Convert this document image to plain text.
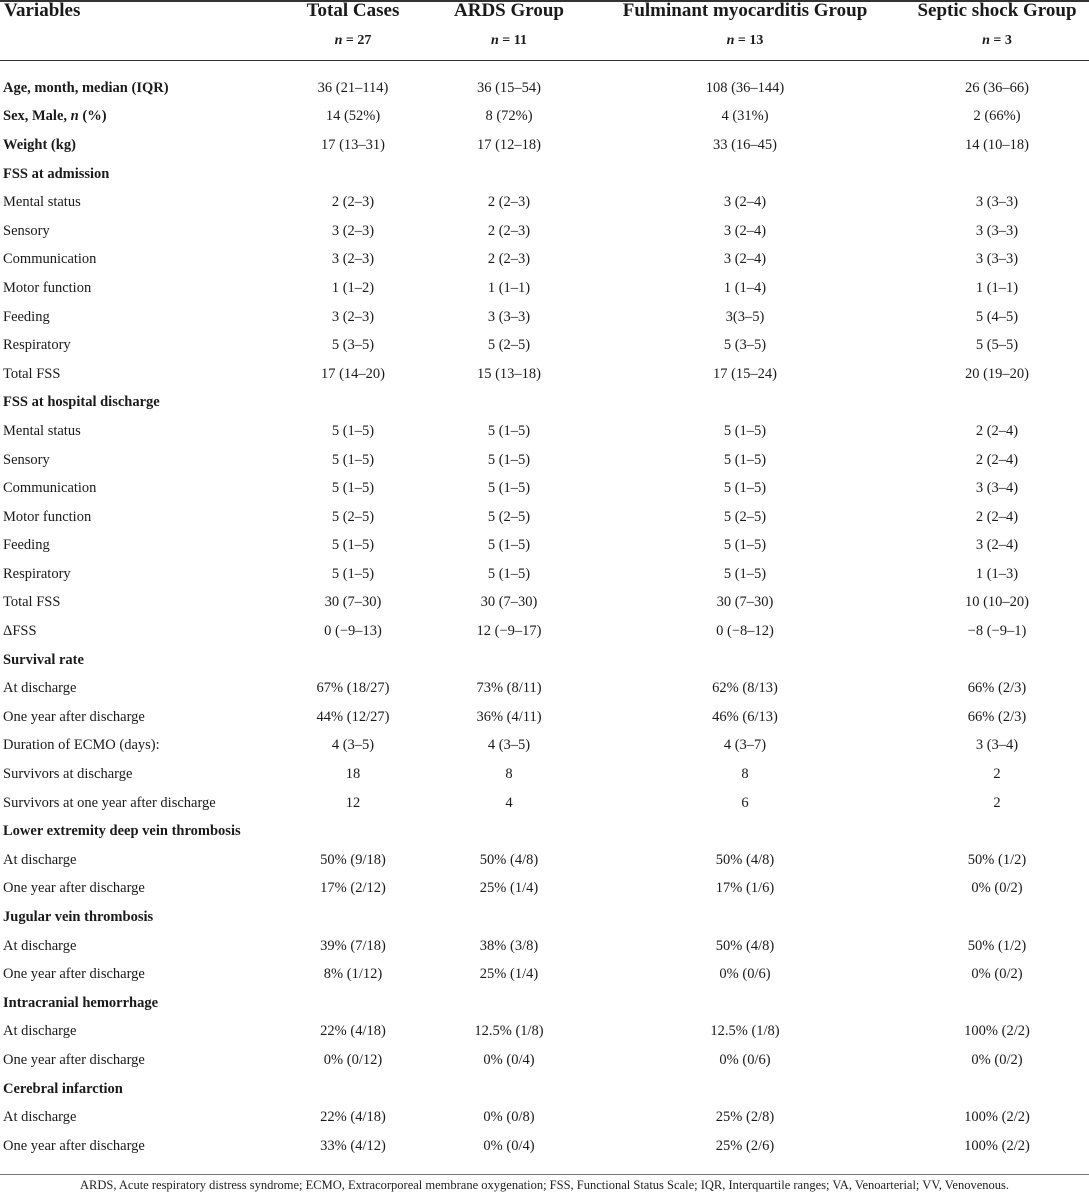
Variables	Total Cases	ARDS Group	Fulminant myocarditis Group	Septic shock Group
	n = 27	n = 11	n = 13	n = 3

Age, month, median (IQR)	36 (21–114)	36 (15–54)	108 (36–144)	26 (36–66)
Sex, Male, n (%)	14 (52%)	8 (72%)	4 (31%)	2 (66%)
Weight (kg)	17 (13–31)	17 (12–18)	33 (16–45)	14 (10–18)
FSS at admission				
Mental status	2 (2–3)	2 (2–3)	3 (2–4)	3 (3–3)
Sensory	3 (2–3)	2 (2–3)	3 (2–4)	3 (3–3)
Communication	3 (2–3)	2 (2–3)	3 (2–4)	3 (3–3)
Motor function	1 (1–2)	1 (1–1)	1 (1–4)	1 (1–1)
Feeding	3 (2–3)	3 (3–3)	3(3–5)	5 (4–5)
Respiratory	5 (3–5)	5 (2–5)	5 (3–5)	5 (5–5)
Total FSS	17 (14–20)	15 (13–18)	17 (15–24)	20 (19–20)
FSS at hospital discharge				
Mental status	5 (1–5)	5 (1–5)	5 (1–5)	2 (2–4)
Sensory	5 (1–5)	5 (1–5)	5 (1–5)	2 (2–4)
Communication	5 (1–5)	5 (1–5)	5 (1–5)	3 (3–4)
Motor function	5 (2–5)	5 (2–5)	5 (2–5)	2 (2–4)
Feeding	5 (1–5)	5 (1–5)	5 (1–5)	3 (2–4)
Respiratory	5 (1–5)	5 (1–5)	5 (1–5)	1 (1–3)
Total FSS	30 (7–30)	30 (7–30)	30 (7–30)	10 (10–20)
ΔFSS	0 (−9–13)	12 (−9–17)	0 (−8–12)	−8 (−9–1)
Survival rate				
At discharge	67% (18/27)	73% (8/11)	62% (8/13)	66% (2/3)
One year after discharge	44% (12/27)	36% (4/11)	46% (6/13)	66% (2/3)
Duration of ECMO (days):	4 (3–5)	4 (3–5)	4 (3–7)	3 (3–4)
Survivors at discharge	18	8	8	2
Survivors at one year after discharge	12	4	6	2
Lower extremity deep vein thrombosis				
At discharge	50% (9/18)	50% (4/8)	50% (4/8)	50% (1/2)
One year after discharge	17% (2/12)	25% (1/4)	17% (1/6)	0% (0/2)
Jugular vein thrombosis				
At discharge	39% (7/18)	38% (3/8)	50% (4/8)	50% (1/2)
One year after discharge	8% (1/12)	25% (1/4)	0% (0/6)	0% (0/2)
Intracranial hemorrhage				
At discharge	22% (4/18)	12.5% (1/8)	12.5% (1/8)	100% (2/2)
One year after discharge	0% (0/12)	0% (0/4)	0% (0/6)	0% (0/2)
Cerebral infarction				
At discharge	22% (4/18)	0% (0/8)	25% (2/8)	100% (2/2)
One year after discharge	33% (4/12)	0% (0/4)	25% (2/6)	100% (2/2)
ARDS, Acute respiratory distress syndrome; ECMO, Extracorporeal membrane oxygenation; FSS, Functional Status Scale; IQR, Interquartile ranges; VA, Venoarterial; VV, Venovenous.
